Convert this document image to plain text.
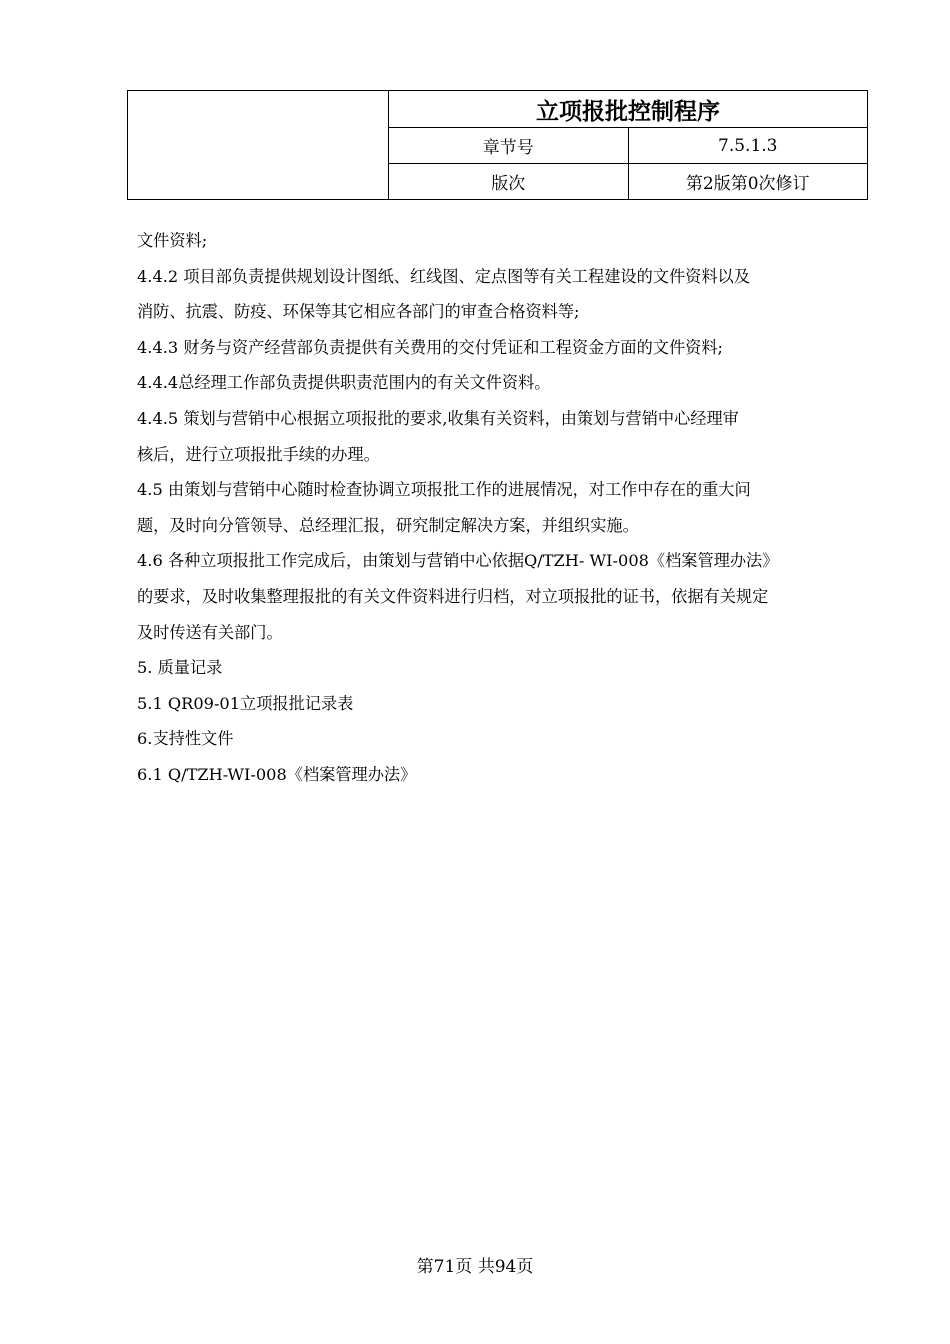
	立项报批控制程序	
	章节号	7.5.1.3
	版次	第2版第0次修订

文件资料;

4.4.2 项目部负责提供规划设计图纸、红线图、定点图等有关工程建设的文件资料以及

消防、抗震、防疫、环保等其它相应各部门的审查合格资料等;

4.4.3 财务与资产经营部负责提供有关费用的交付凭证和工程资金方面的文件资料;

4.4.4总经理工作部负责提供职责范围内的有关文件资料。

4.4.5 策划与营销中心根据立项报批的要求,收集有关资料，由策划与营销中心经理审

核后，进行立项报批手续的办理。

4.5 由策划与营销中心随时检查协调立项报批工作的进展情况，对工作中存在的重大问

题，及时向分管领导、总经理汇报，研究制定解决方案，并组织实施。

4.6 各种立项报批工作完成后，由策划与营销中心依据Q/TZH- WI-008《档案管理办法》

的要求，及时收集整理报批的有关文件资料进行归档，对立项报批的证书，依据有关规定

及时传送有关部门。

5. 质量记录

5.1 QR09-01立项报批记录表

6.支持性文件

6.1 Q/TZH-WI-008《档案管理办法》

第71页 共94页
